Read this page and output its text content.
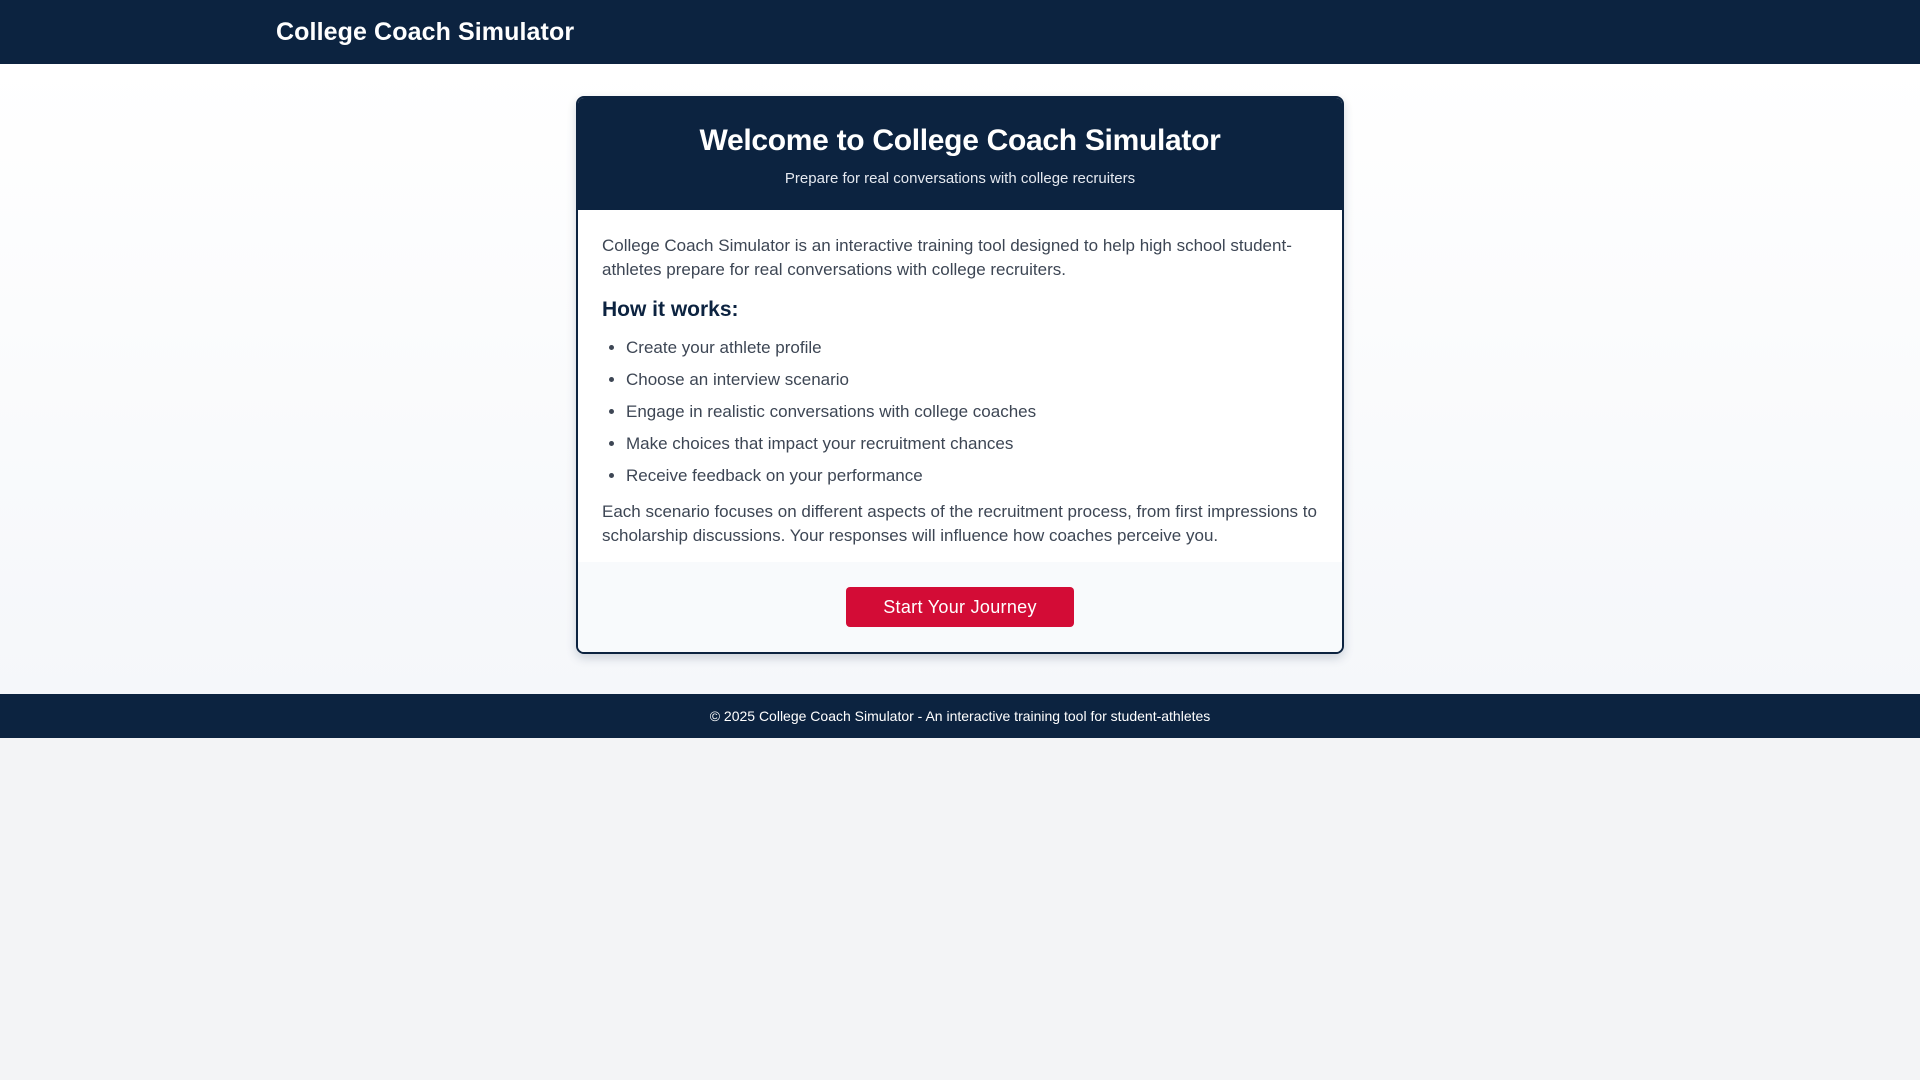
College Coach Simulator
Welcome to College Coach Simulator

Prepare for real conversations with college recruiters

College Coach Simulator is an interactive training tool designed to help high school student-athletes prepare for real conversations with college recruiters.

How it works:
• Create your athlete profile
• Choose an interview scenario
• Engage in realistic conversations with college coaches
• Make choices that impact your recruitment chances
• Receive feedback on your performance

Each scenario focuses on different aspects of the recruitment process, from first impressions to scholarship discussions. Your responses will influence how coaches perceive you.

Start Your Journey
© 2025 College Coach Simulator - An interactive training tool for student-athletes
